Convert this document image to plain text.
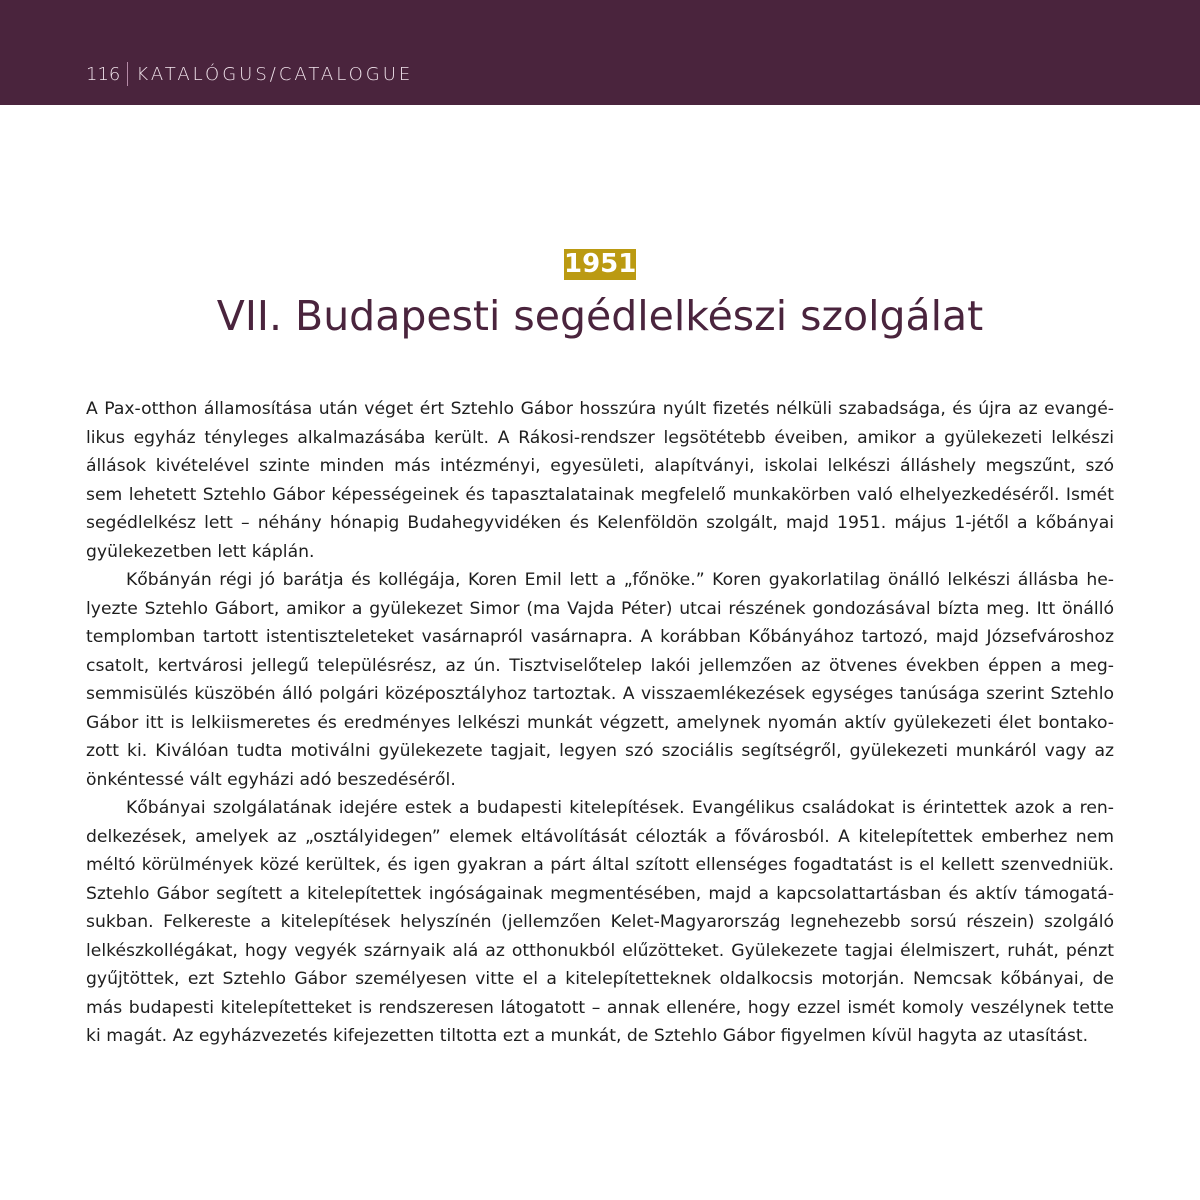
116 KATALÓGUS/CATALOGUE
1951
VII. Budapesti segédlelkészi szolgálat
A Pax-otthon államosítása után véget ért Sztehlo Gábor hosszúra nyúlt fizetés nélküli szabadsága, és újra az evangé-
likus egyház tényleges alkalmazásába került. A Rákosi-rendszer legsötétebb éveiben, amikor a gyülekezeti lelkészi
állások kivételével szinte minden más intézményi, egyesületi, alapítványi, iskolai lelkészi álláshely megszűnt, szó
sem lehetett Sztehlo Gábor képességeinek és tapasztalatainak megfelelő munkakörben való elhelyezkedéséről. Ismét
segédlelkész lett – néhány hónapig Budahegyvidéken és Kelenföldön szolgált, majd 1951. május 1-jétől a kőbányai
gyülekezetben lett káplán.
Kőbányán régi jó barátja és kollégája, Koren Emil lett a „főnöke.” Koren gyakorlatilag önálló lelkészi állásba he-
lyezte Sztehlo Gábort, amikor a gyülekezet Simor (ma Vajda Péter) utcai részének gondozásával bízta meg. Itt önálló
templomban tartott istentiszteleteket vasárnapról vasárnapra. A korábban Kőbányához tartozó, majd Józsefvároshoz
csatolt, kertvárosi jellegű településrész, az ún. Tisztviselőtelep lakói jellemzően az ötvenes években éppen a meg-
semmisülés küszöbén álló polgári középosztályhoz tartoztak. A visszaemlékezések egységes tanúsága szerint Sztehlo
Gábor itt is lelkiismeretes és eredményes lelkészi munkát végzett, amelynek nyomán aktív gyülekezeti élet bontako-
zott ki. Kiválóan tudta motiválni gyülekezete tagjait, legyen szó szociális segítségről, gyülekezeti munkáról vagy az
önkéntessé vált egyházi adó beszedéséről.
Kőbányai szolgálatának idejére estek a budapesti kitelepítések. Evangélikus családokat is érintettek azok a ren-
delkezések, amelyek az „osztályidegen” elemek eltávolítását célozták a fővárosból. A kitelepítettek emberhez nem
méltó körülmények közé kerültek, és igen gyakran a párt által szított ellenséges fogadtatást is el kellett szenvedniük.
Sztehlo Gábor segített a kitelepítettek ingóságainak megmentésében, majd a kapcsolattartásban és aktív támogatá-
sukban. Felkereste a kitelepítések helyszínén (jellemzően Kelet-Magyarország legnehezebb sorsú részein) szolgáló
lelkészkollégákat, hogy vegyék szárnyaik alá az otthonukból elűzötteket. Gyülekezete tagjai élelmiszert, ruhát, pénzt
gyűjtöttek, ezt Sztehlo Gábor személyesen vitte el a kitelepítetteknek oldalkocsis motorján. Nemcsak kőbányai, de
más budapesti kitelepítetteket is rendszeresen látogatott – annak ellenére, hogy ezzel ismét komoly veszélynek tette
ki magát. Az egyházvezetés kifejezetten tiltotta ezt a munkát, de Sztehlo Gábor figyelmen kívül hagyta az utasítást.
